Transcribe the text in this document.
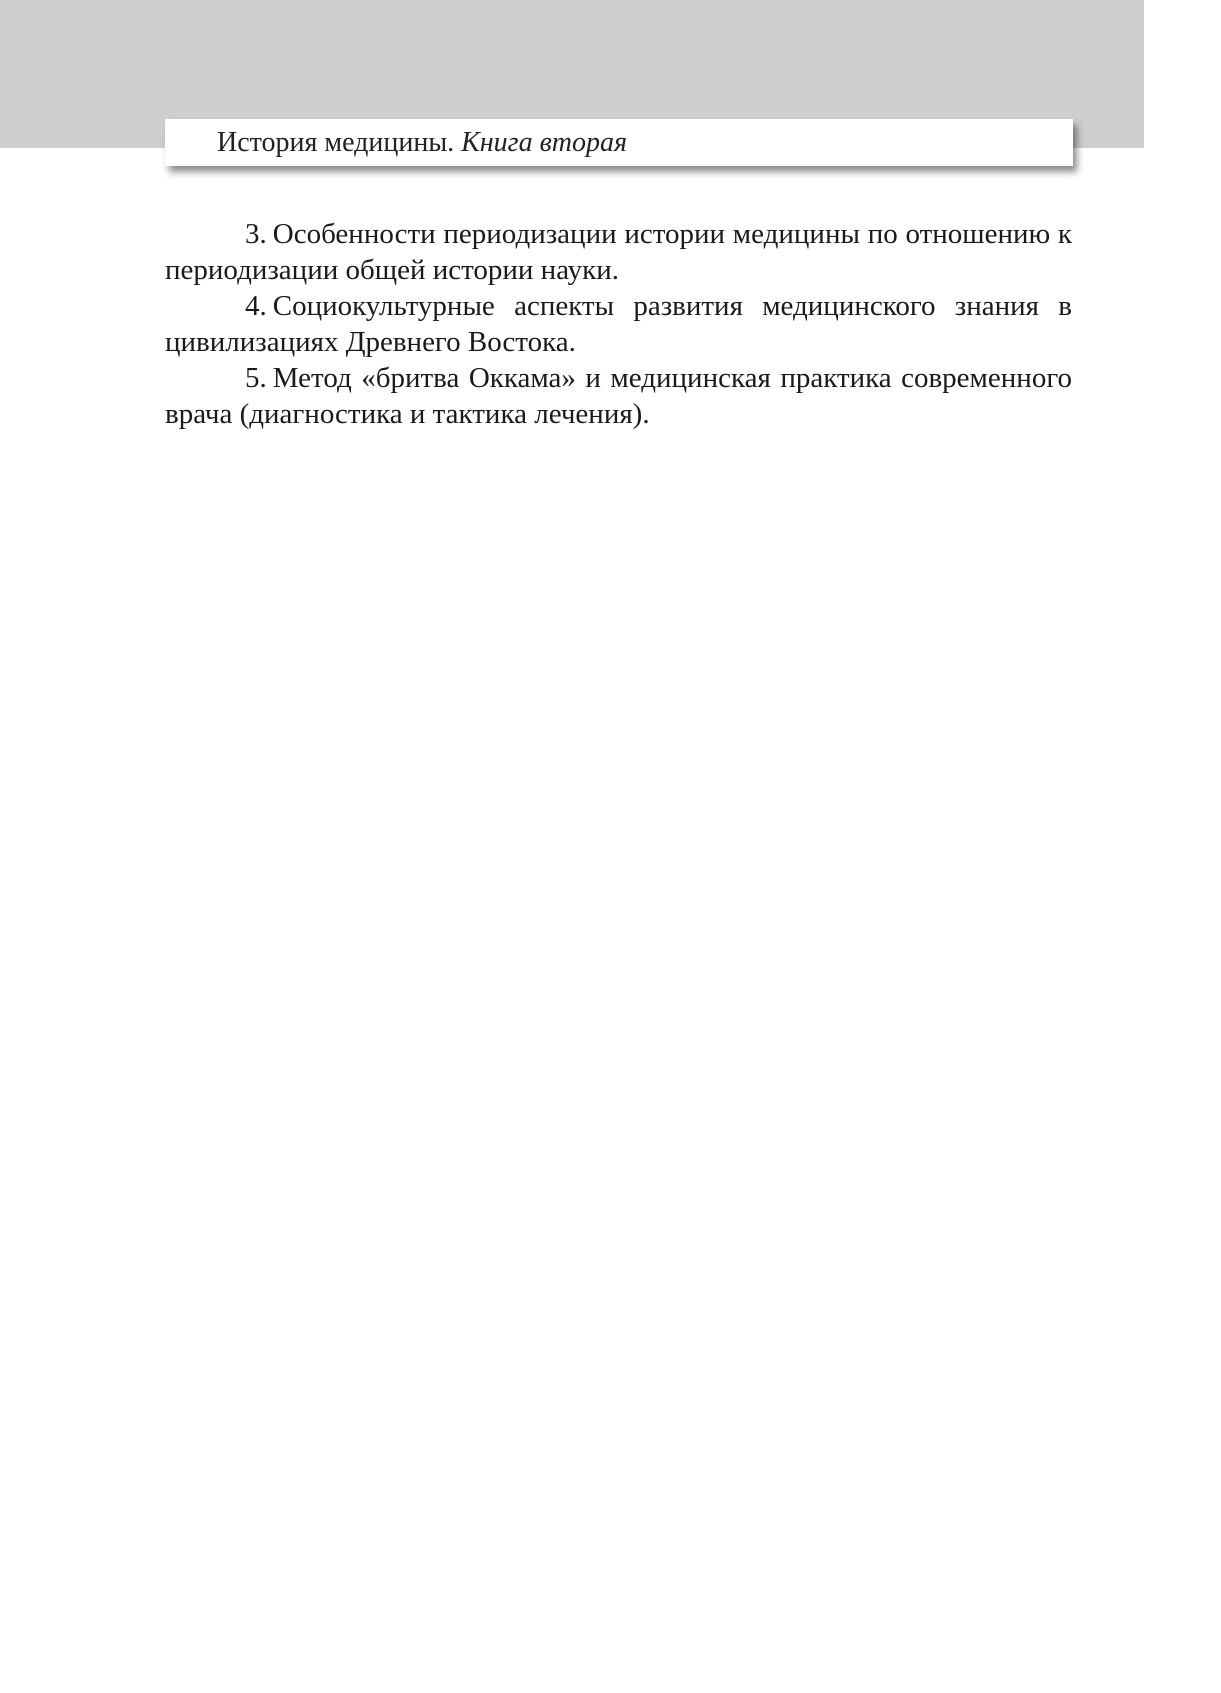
История медицины.
Книга вторая

3. Особенности периодизации истории медицины по отношению к периодизации общей истории науки.

4. Социокультурные аспекты развития медицинского знания в цивилизациях Древнего Востока.

5. Метод «бритва Оккама» и медицинская практика современного врача (диагностика и тактика лечения).
